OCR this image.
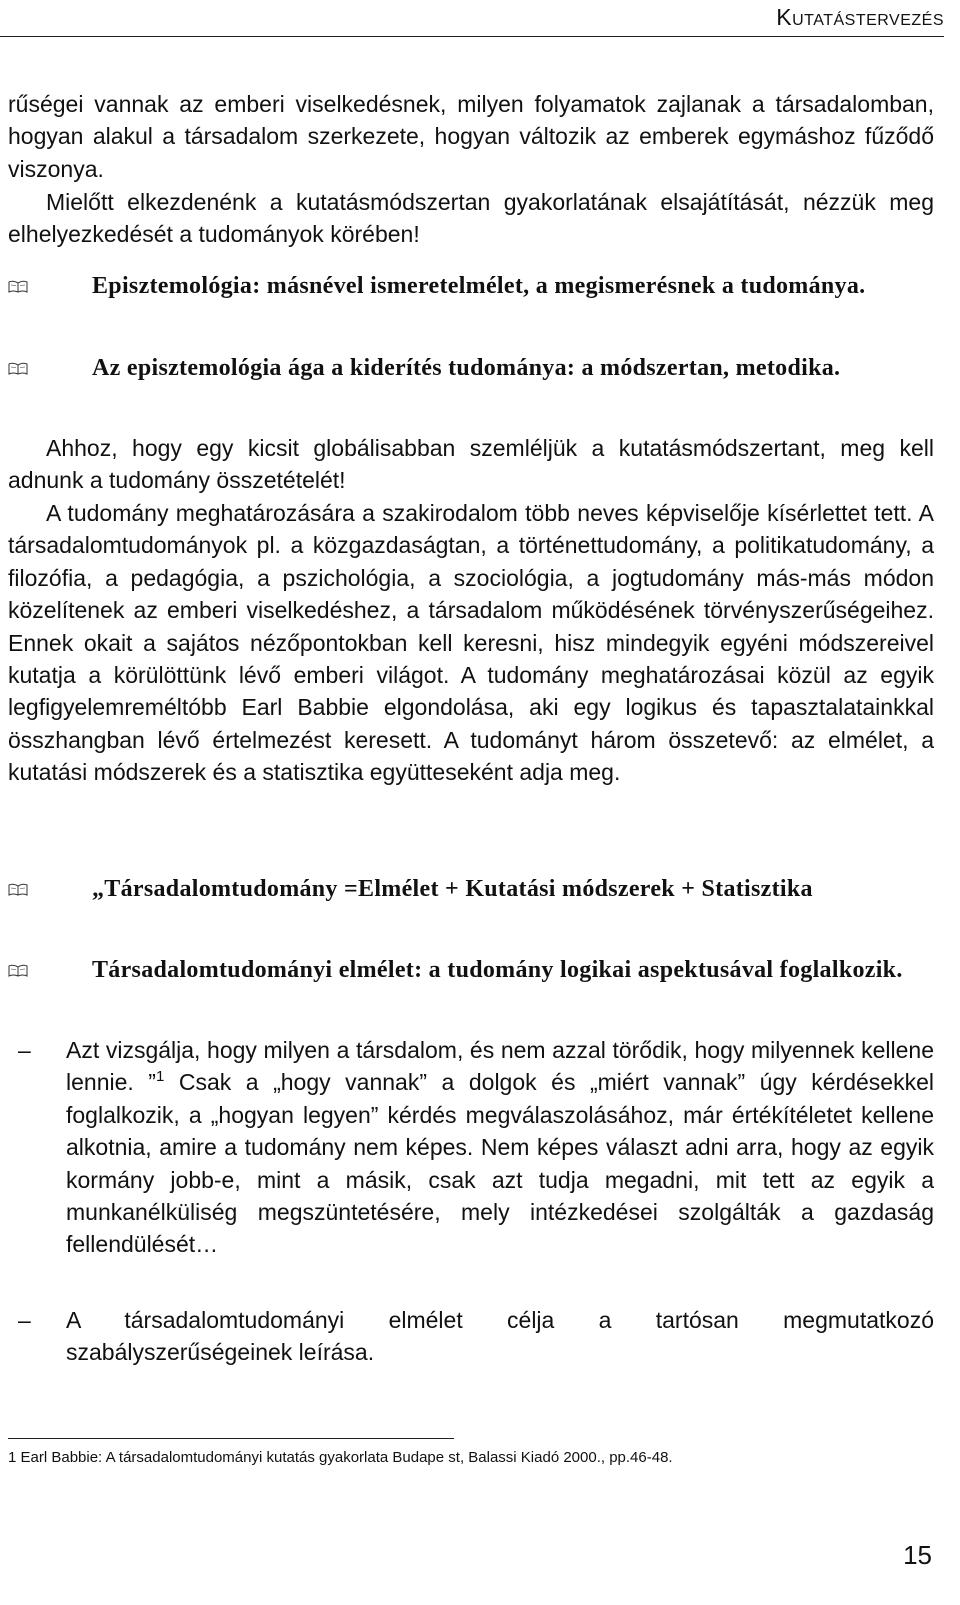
Kutatástervezés

rűségei vannak az emberi viselkedésnek, milyen folyamatok zajlanak a társadalomban, hogyan alakul a társadalom szerkezete, hogyan változik az emberek egymáshoz fűződő viszonya.

Mielőtt elkezdenénk a kutatásmódszertan gyakorlatának elsajátítását, nézzük meg elhelyezkedését a tudományok körében!

Episztemológia: másnével ismeretelmélet, a megismerésnek a tudománya.
Az episztemológia ága a kiderítés tudománya: a módszertan, metodika.

Ahhoz, hogy egy kicsit globálisabban szemléljük a kutatásmódszertant, meg kell adnunk a tudomány összetételét!

A tudomány meghatározására a szakirodalom több neves képviselője kísérlettet tett. A társadalomtudományok pl. a közgazdaságtan, a történettudomány, a politikatudomány, a filozófia, a pedagógia, a pszichológia, a szociológia, a jogtudomány más-más módon közelítenek az emberi viselkedéshez, a társadalom működésének törvényszerűségeihez. Ennek okait a sajátos nézőpontokban kell keresni, hisz mindegyik egyéni módszereivel kutatja a körülöttünk lévő emberi világot. A tudomány meghatározásai közül az egyik legfigyelemreméltóbb Earl Babbie elgondolása, aki egy logikus és tapasztalatainkkal összhangban lévő értelmezést keresett. A tudományt három összetevő: az elmélet, a kutatási módszerek és a statisztika együtteseként adja meg.

„Társadalomtudomány =Elmélet + Kutatási módszerek + Statisztika
Társadalomtudományi elmélet: a tudomány logikai aspektusával foglalkozik.
– Azt vizsgálja, hogy milyen a társdalom, és nem azzal törődik, hogy milyennek kellene lennie. ”$^1$ Csak a „hogy vannak” a dolgok és „miért vannak” úgy kérdésekkel foglalkozik, a „hogyan legyen” kérdés megválaszolásához, már értékítéletet kellene alkotnia, amire a tudomány nem képes. Nem képes választ adni arra, hogy az egyik kormány jobb-e, mint a másik, csak azt tudja megadni, mit tett az egyik a munkanélküliség megszüntetésére, mely intézkedései szolgálták a gazdaság fellendülését…
– A társadalomtudományi elmélet célja a tartósan megmutatkozó szabályszerűségeinek leírása.
1 Earl Babbie: A társadalomtudományi kutatás gyakorlata Budape st, Balassi Kiadó 2000., pp.46-48.
15
